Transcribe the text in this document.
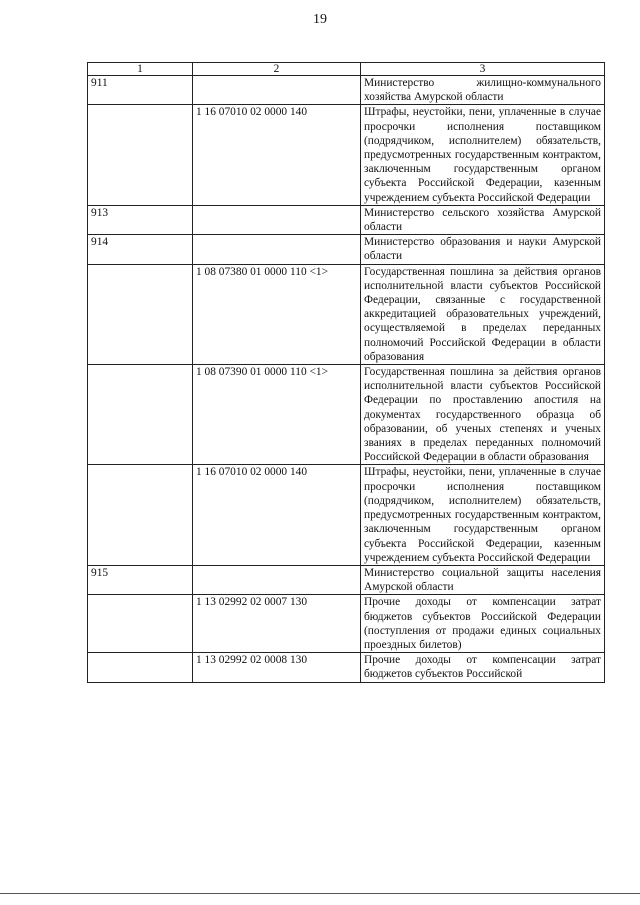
19
1	2	3
911		Министерство жилищно-коммунального хозяйства Амурской области
	1 16 07010 02 0000 140	Штрафы, неустойки, пени, уплаченные в случае просрочки исполнения поставщиком (подрядчиком, исполнителем) обязательств, предусмотренных государственным контрактом, заключенным государственным органом субъекта Российской Федерации, казенным учреждением субъекта Российской Федерации
913		Министерство сельского хозяйства Амурской области
914		Министерство образования и науки Амурской области
	1 08 07380 01 0000 110 <1>	Государственная пошлина за действия органов исполнительной власти субъектов Российской Федерации, связанные с государственной аккредитацией образовательных учреждений, осуществляемой в пределах переданных полномочий Российской Федерации в области образования
	1 08 07390 01 0000 110 <1>	Государственная пошлина за действия органов исполнительной власти субъектов Российской Федерации по проставлению апостиля на документах государственного образца об образовании, об ученых степенях и ученых званиях в пределах переданных полномочий Российской Федерации в области образования
	1 16 07010 02 0000 140	Штрафы, неустойки, пени, уплаченные в случае просрочки исполнения поставщиком (подрядчиком, исполнителем) обязательств, предусмотренных государственным контрактом, заключенным государственным органом субъекта Российской Федерации, казенным учреждением субъекта Российской Федерации
915		Министерство социальной защиты населения Амурской области
	1 13 02992 02 0007 130	Прочие доходы от компенсации затрат бюджетов субъектов Российской Федерации (поступления от продажи единых социальных проездных билетов)
	1 13 02992 02 0008 130	Прочие доходы от компенсации затрат бюджетов субъектов Российской
